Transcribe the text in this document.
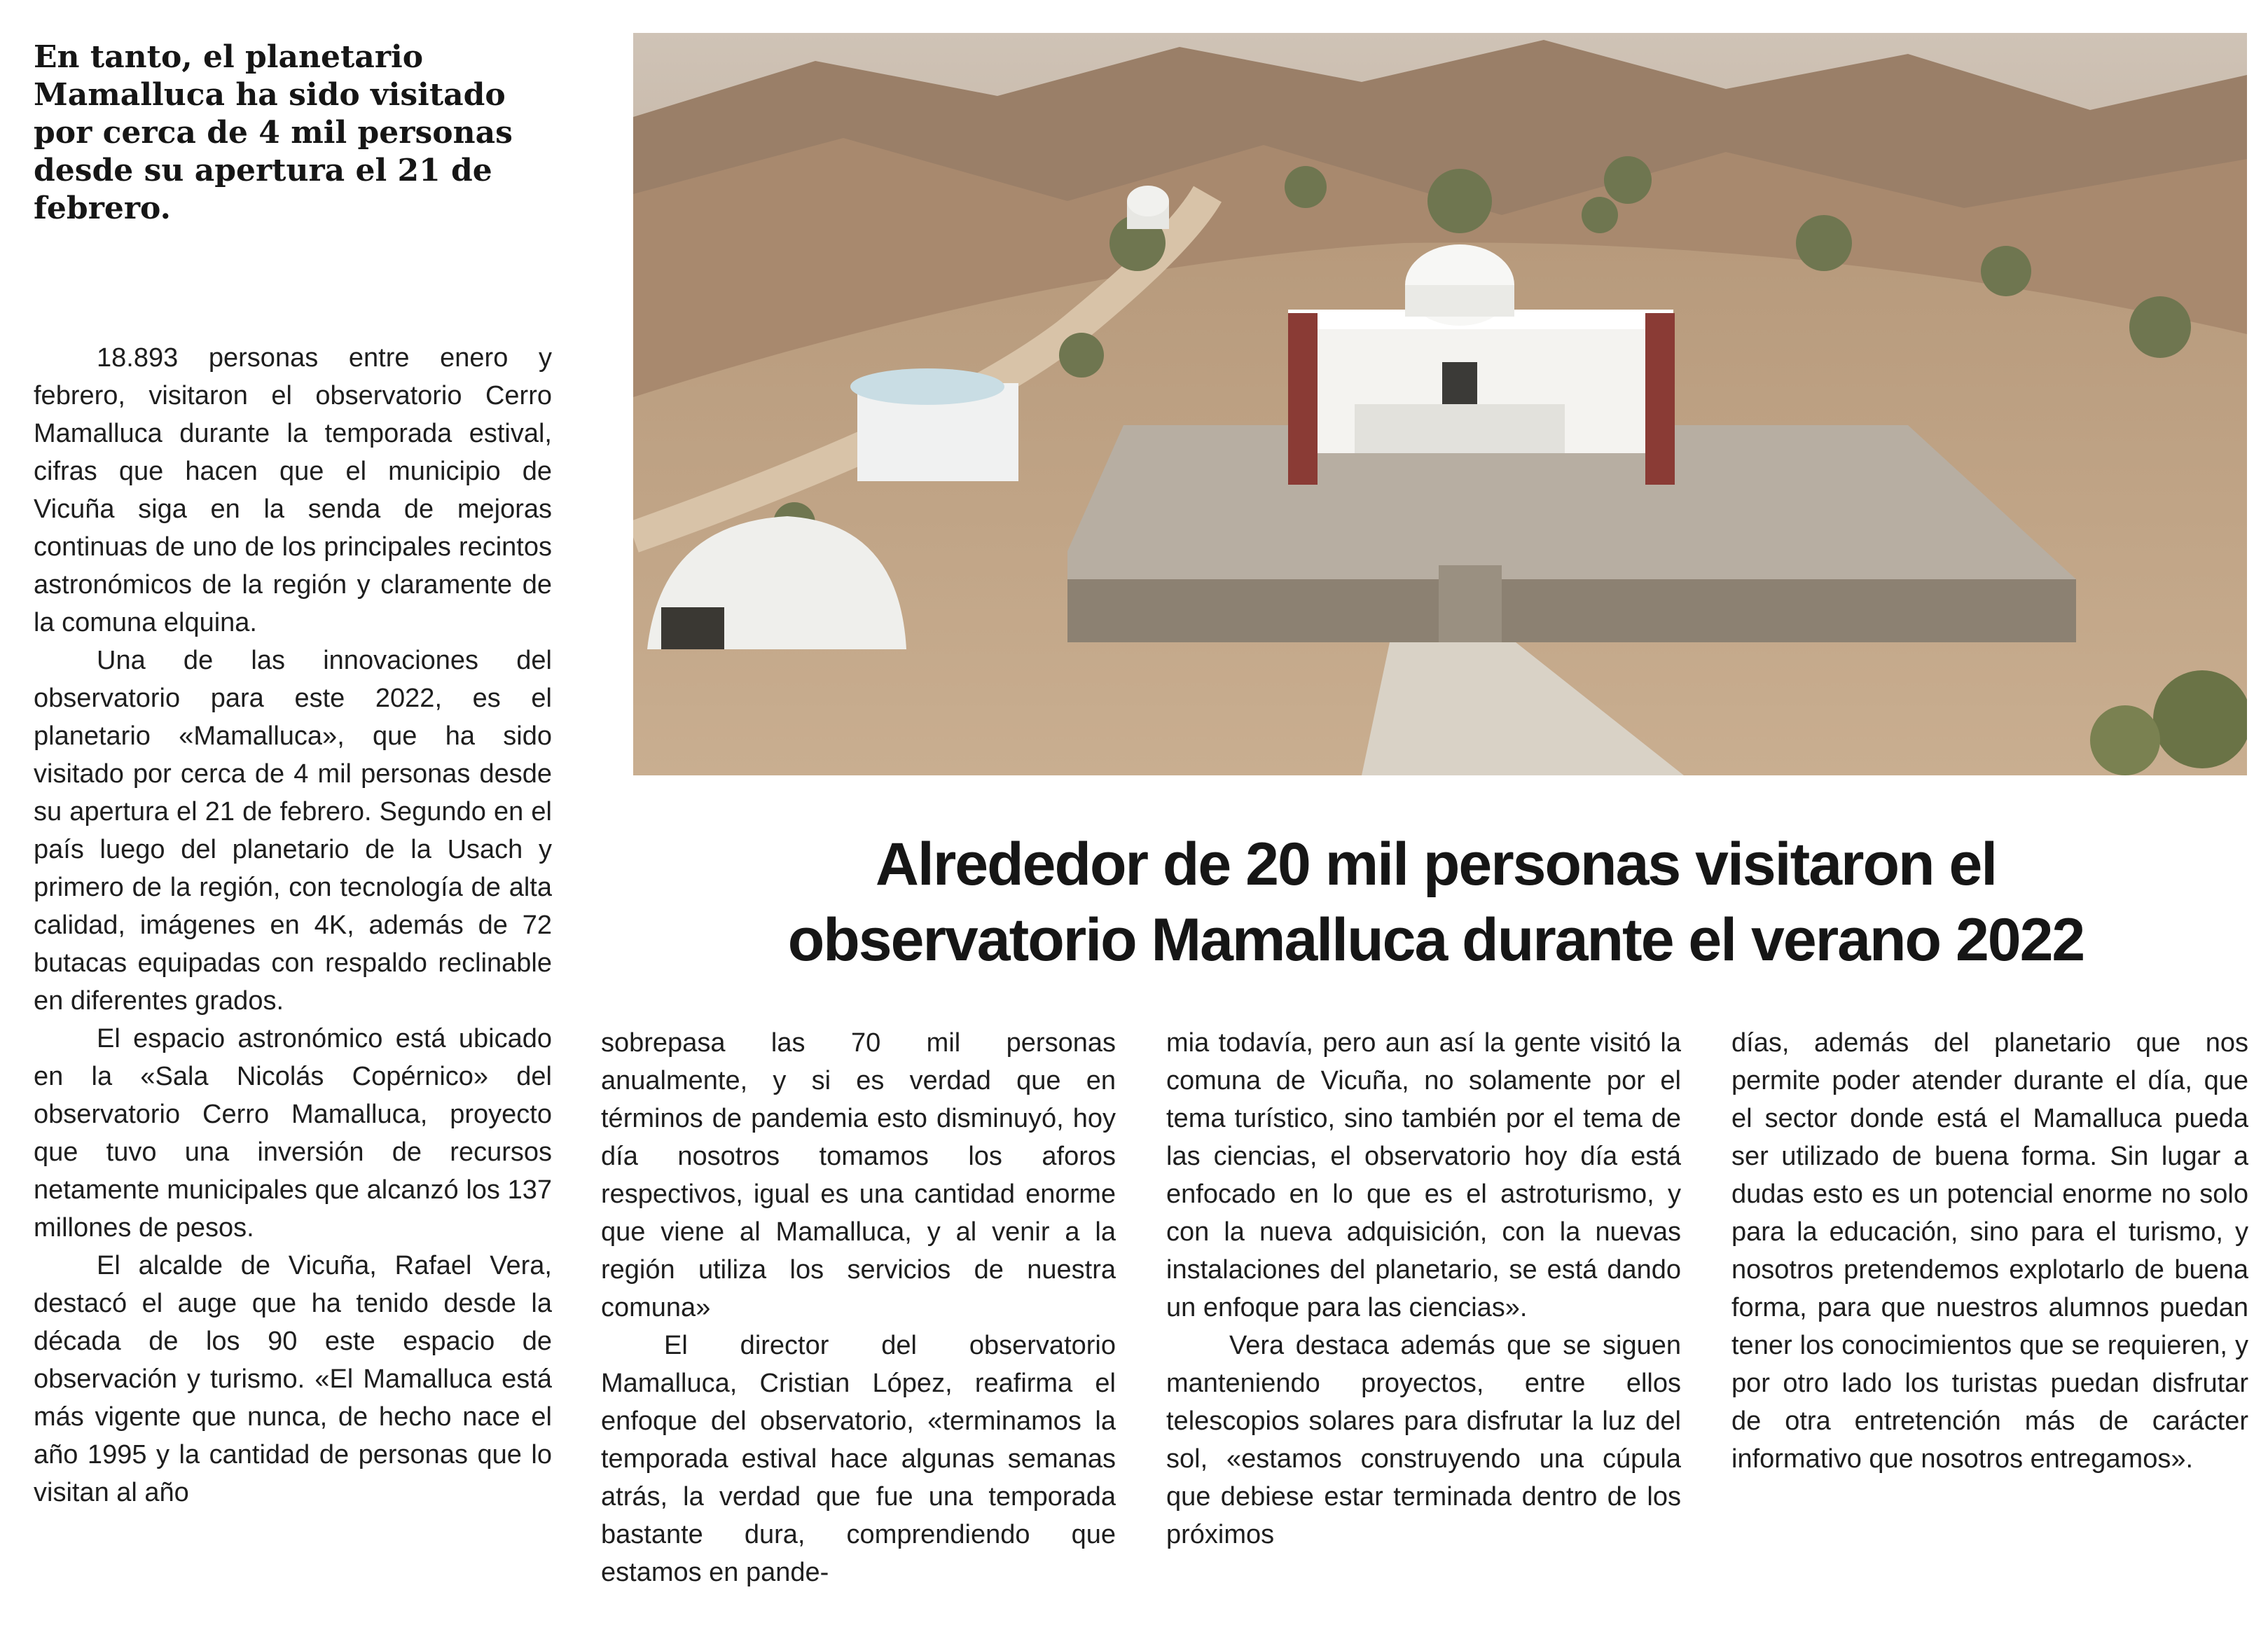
En tanto, el planetario Mamalluca ha sido visitado por cerca de 4 mil personas desde su apertura el 21 de febrero.

Alrededor de 20 mil personas visitaron el
observatorio Mamalluca durante el verano 2022

18.893 personas entre enero y febrero, visitaron el observatorio Cerro Mamalluca durante la temporada estival, cifras que hacen que el municipio de Vicuña siga en la senda de mejoras continuas de uno de los principales recintos astronómicos de la región y claramente de la comuna elquina.

Una de las innovaciones del observatorio para este 2022, es el planetario «Mamalluca», que ha sido visitado por cerca de 4 mil personas desde su apertura el 21 de febrero. Segundo en el país luego del planetario de la Usach y primero de la región, con tecnología de alta calidad, imágenes en 4K, además de 72 butacas equipadas con respaldo reclinable en diferentes grados.

El espacio astronómico está ubicado en la «Sala Nicolás Copérnico» del observatorio Cerro Mamalluca, proyecto que tuvo una inversión de recursos netamente municipales que alcanzó los 137 millones de pesos.

El alcalde de Vicuña, Rafael Vera, destacó el auge que ha tenido desde la década de los 90 este espacio de observación y turismo. «El Mamalluca está más vigente que nunca, de hecho nace el año 1995 y la cantidad de personas que lo visitan al año

sobrepasa las 70 mil personas anualmente, y si es verdad que en términos de pandemia esto disminuyó, hoy día nosotros tomamos los aforos respectivos, igual es una cantidad enorme que viene al Mamalluca, y al venir a la región utiliza los servicios de nuestra comuna»

El director del observatorio Mamalluca, Cristian López, reafirma el enfoque del observatorio, «terminamos la temporada estival hace algunas semanas atrás, la verdad que fue una temporada bastante dura, comprendiendo que estamos en pande-

mia todavía, pero aun así la gente visitó la comuna de Vicuña, no solamente por el tema turístico, sino también por el tema de las ciencias, el observatorio hoy día está enfocado en lo que es el astroturismo, y con la nueva adquisición, con la nuevas instalaciones del planetario, se está dando un enfoque para las ciencias».

Vera destaca además que se siguen manteniendo proyectos, entre ellos telescopios solares para disfrutar la luz del sol, «estamos construyendo una cúpula que debiese estar terminada dentro de los próximos

días, además del planetario que nos permite poder atender durante el día, que el sector donde está el Mamalluca pueda ser utilizado de buena forma. Sin lugar a dudas esto es un potencial enorme no solo para la educación, sino para el turismo, y nosotros pretendemos explotarlo de buena forma, para que nuestros alumnos puedan tener los conocimientos que se requieren, y por otro lado los turistas puedan disfrutar de otra entretención más de carácter informativo que nosotros entregamos».
